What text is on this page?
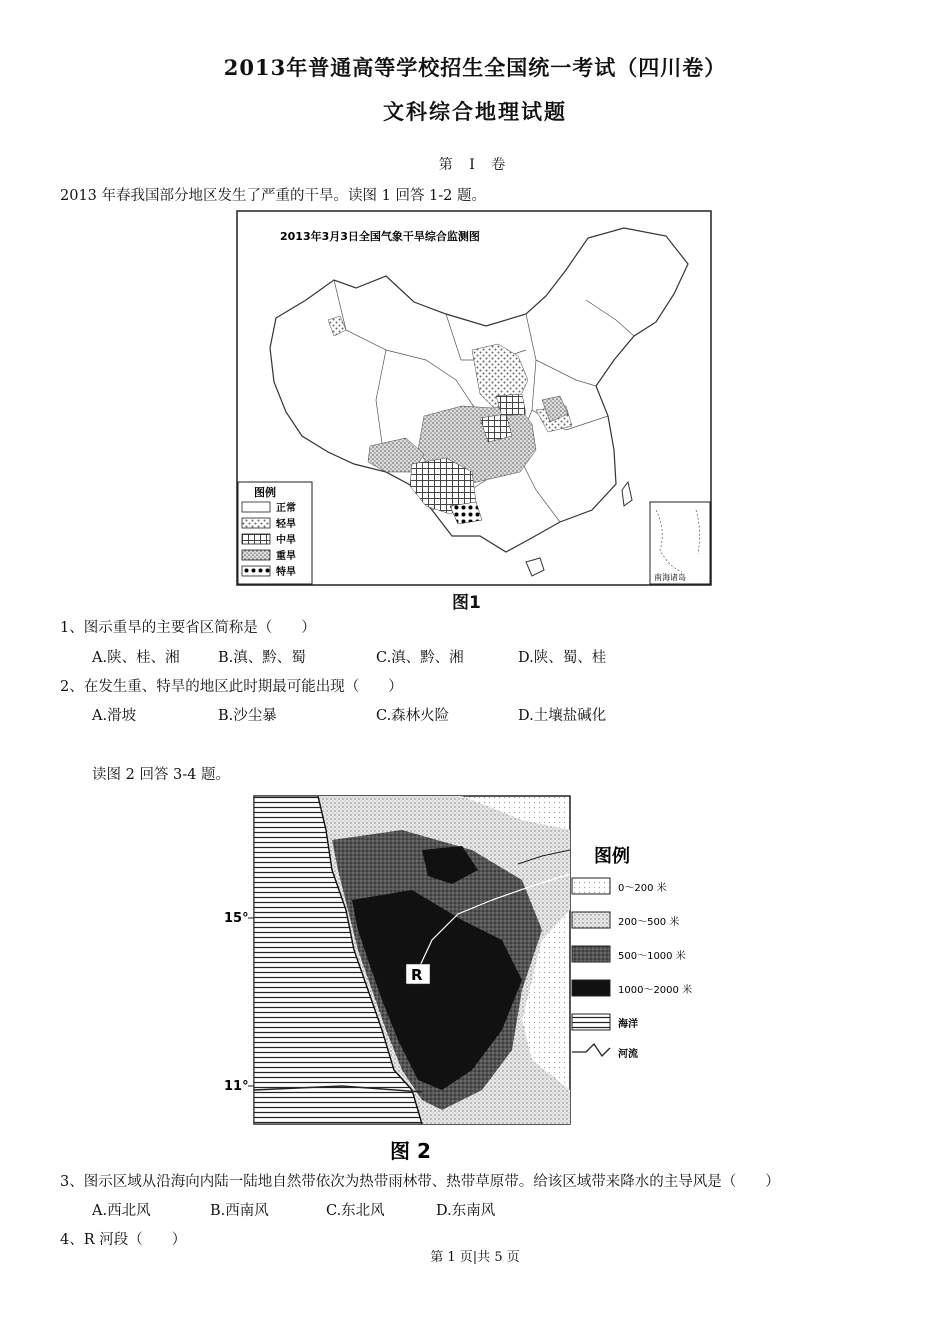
2013年普通高等学校招生全国统一考试（四川卷）
文科综合地理试题
第 I 卷
2013 年春我国部分地区发生了严重的干旱。读图 1 回答 1-2 题。
2013年3月3日全国气象干旱综合监测图
图例
正常
轻旱
中旱
重旱
特旱	南海诸岛
图1
1、图示重旱的主要省区简称是（　　）
A.陕、桂、湘	B.滇、黔、蜀	C.滇、黔、湘	D.陕、蜀、桂
2、在发生重、特旱的地区此时期最可能出现（　　）
A.滑坡	B.沙尘暴	C.森林火险	D.土壤盐碱化
读图 2 回答 3-4 题。
R
15°
11°
图例
0～200 米
200～500 米
500～1000 米
1000～2000 米
海洋
河流
图 2
3、图示区域从沿海向内陆一陆地自然带依次为热带雨林带、热带草原带。给该区域带来降水的主导风是（　　）
A.西北风	B.西南风	C.东北风	D.东南风
4、R 河段（　　）
第 1 页|共 5 页
